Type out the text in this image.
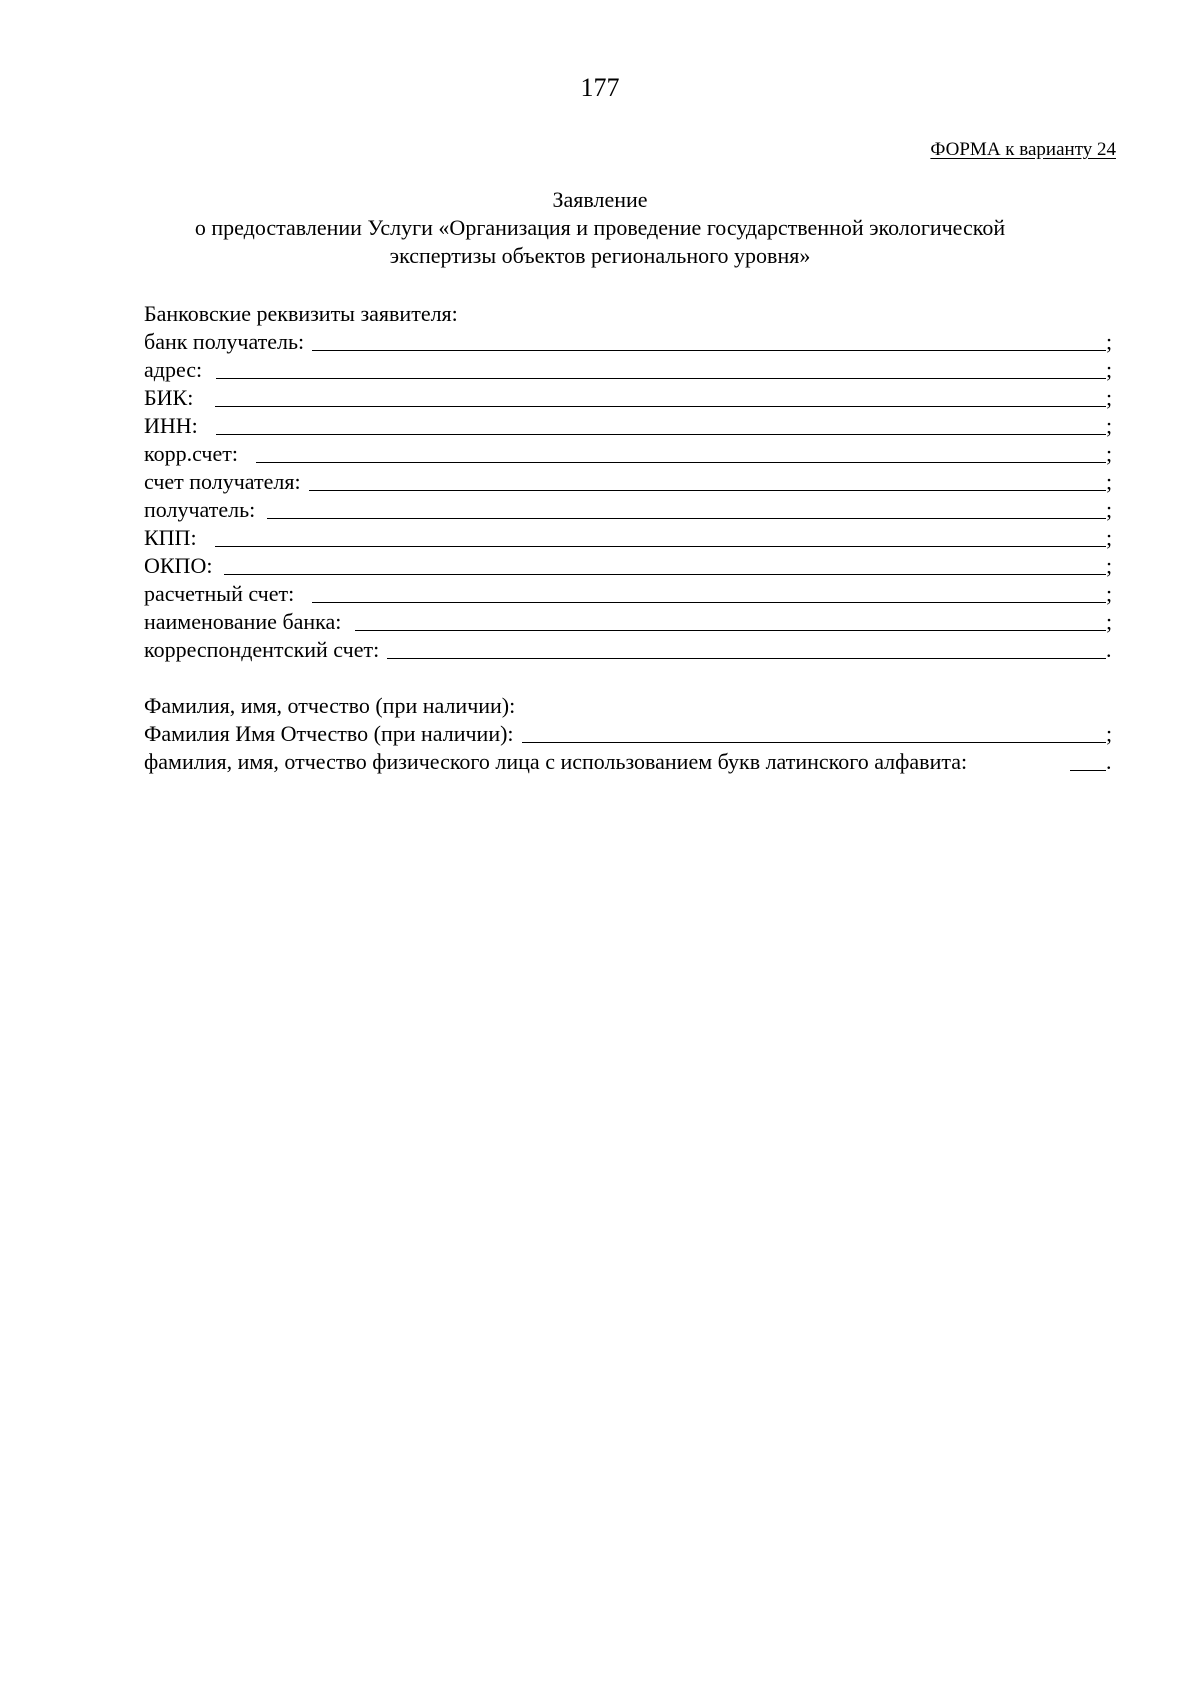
177
ФОРМА к варианту 24
Заявление
о предоставлении Услуги «Организация и проведение государственной экологической
экспертизы объектов регионального уровня»
Банковские реквизиты заявителя:
банк получатель:	;
адрес:	;
БИК:	;
ИНН:	;
корр.счет:	;
счет получателя:	;
получатель:	;
КПП:	;
ОКПО:	;
расчетный счет:	;
наименование банка:	;
корреспондентский счет:	.
Фамилия, имя, отчество (при наличии):
Фамилия Имя Отчество (при наличии):	;
фамилия, имя, отчество физического лица с использованием букв латинского алфавита:	.
